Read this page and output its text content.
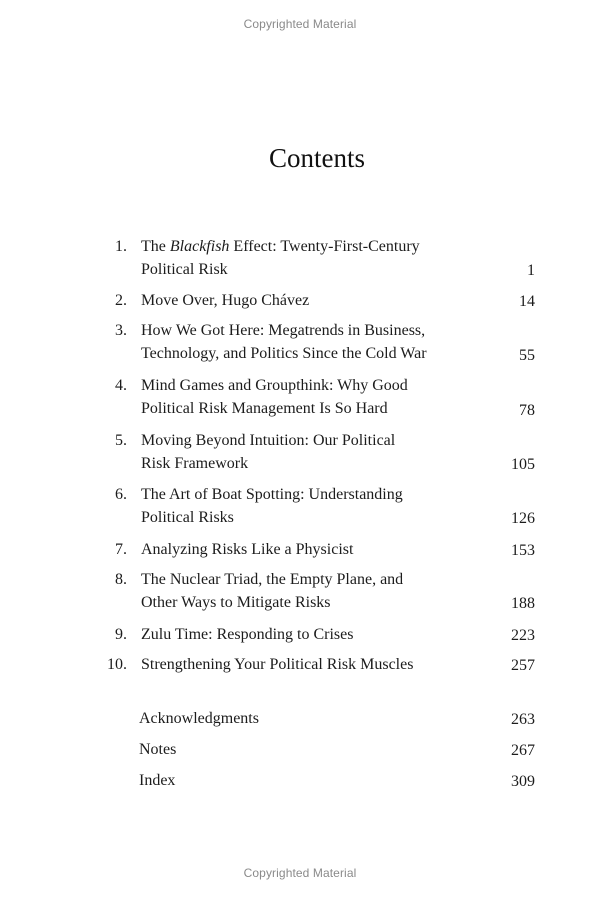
Copyrighted Material
Contents
1. The Blackfish Effect: Twenty-First-Century
Political Risk	1
2. Move Over, Hugo Chávez	14
3. How We Got Here: Megatrends in Business,
Technology, and Politics Since the Cold War	55
4. Mind Games and Groupthink: Why Good
Political Risk Management Is So Hard	78
5. Moving Beyond Intuition: Our Political
Risk Framework	105
6. The Art of Boat Spotting: Understanding
Political Risks	126
7. Analyzing Risks Like a Physicist	153
8. The Nuclear Triad, the Empty Plane, and
Other Ways to Mitigate Risks	188
9. Zulu Time: Responding to Crises	223
10. Strengthening Your Political Risk Muscles	257
Acknowledgments	263
Notes	267
Index	309
Copyrighted Material
